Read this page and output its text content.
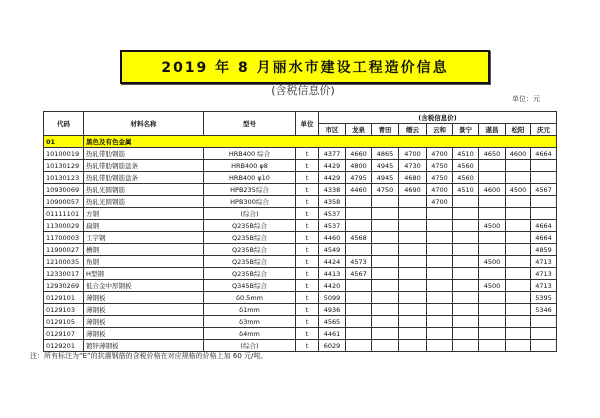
2019 年 8 月丽水市建设工程造价信息
(含税信息价)
单位：元
代码	材料名称	型号	单位	(含税信息价)								
				市区	龙泉	青田	缙云	云和	景宁	遂昌	松阳	庆元
01	黑色及有色金属											
10100019	热轧带肋钢筋	HRB400 综合	t	4377	4660	4865	4700	4700	4510	4650	4600	4664
10130129	热轧带肋钢筋盘条	HRB400 φ8	t	4429	4800	4945	4730	4750	4560			
10130123	热轧带肋钢筋盘条	HRB400 φ10	t	4429	4795	4945	4680	4750	4560			
10930069	热轧光圆钢筋	HPB235综合	t	4338	4460	4750	4690	4700	4510	4600	4500	4567
10900057	热轧光圆钢筋	HPB300综合	t	4358				4700				
01111101	方钢	(综合)	t	4537								
11300029	扁钢	Q235B综合	t	4537						4500		4664
11700003	工字钢	Q235B综合	t	4460	4568							4664
11900027	槽钢	Q235B综合	t	4549								4859
12100035	角钢	Q235B综合	t	4424	4573					4500		4713
12330017	H型钢	Q235B综合	t	4413	4567							4713
12930269	低合金中厚钢板	Q345B综合	t	4420						4500		4713
0129101	薄钢板	δ0.5mm	t	5099								5395
0129103	薄钢板	δ1mm	t	4936								5346
0129105	薄钢板	δ3mm	t	4565								
0129107	薄钢板	δ4mm	t	4461								
0129201	镀锌薄钢板	(综合)	t	6029								
注：所有标注为“E”的抗震钢筋的含税价格在对应规格的价格上加 60 元/吨。
